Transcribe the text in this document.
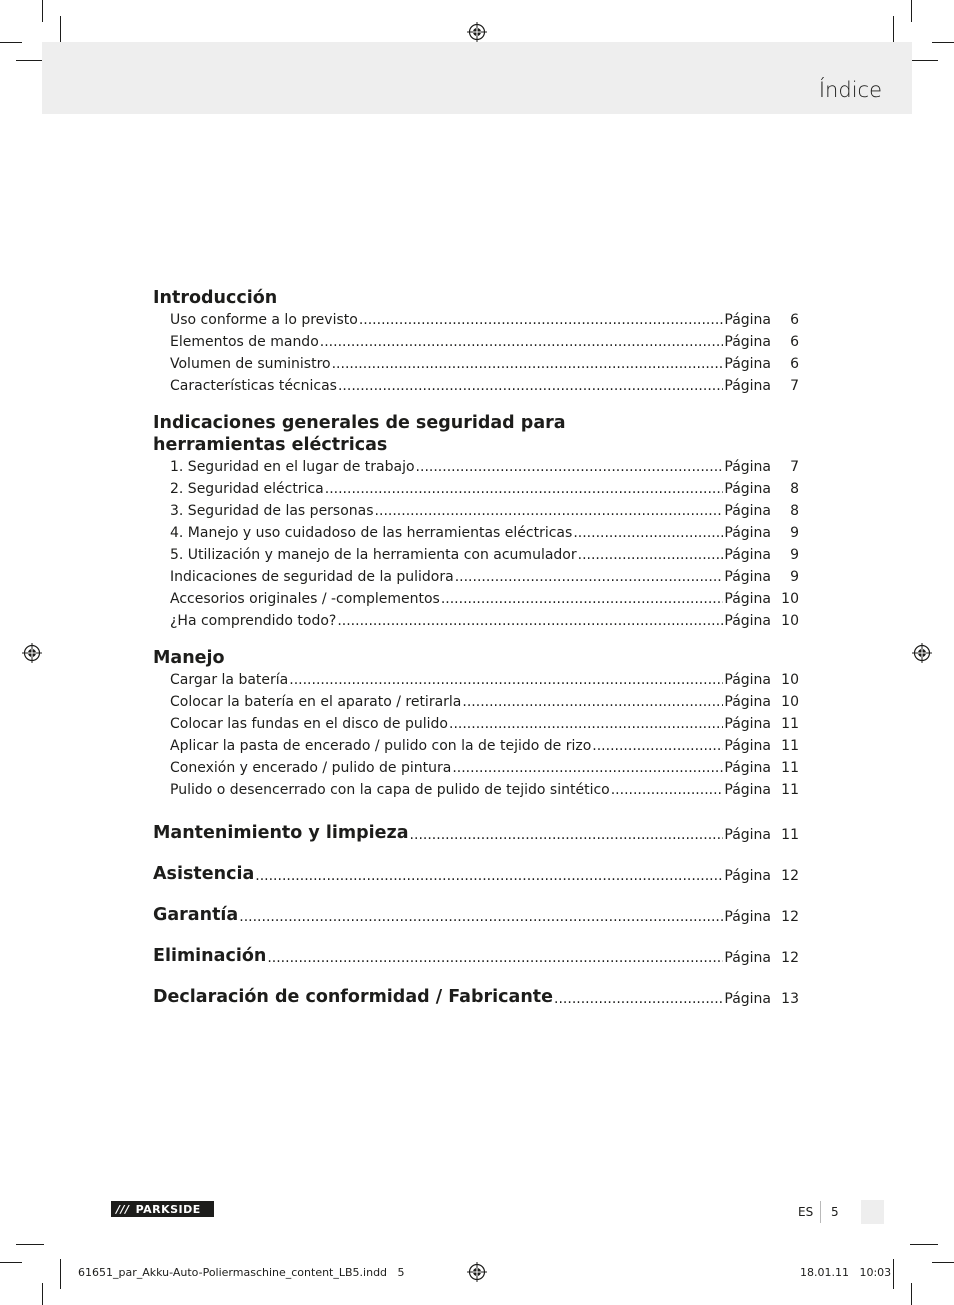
Índice
Introducción
Uso conforme a lo previsto .....	Página	6
Elementos de mando .....	Página	6
Volumen de suministro .....	Página	6
Características técnicas .....	Página	7
Indicaciones generales de seguridad para
herramientas eléctricas
1. Seguridad en el lugar de trabajo .....	Página	7
2. Seguridad eléctrica .....	Página	8
3. Seguridad de las personas .....	Página	8
4. Manejo y uso cuidadoso de las herramientas eléctricas .....	Página	9
5. Utilización y manejo de la herramienta con acumulador .....	Página	9
Indicaciones de seguridad de la pulidora .....	Página	9
Accesorios originales / -complementos .....	Página 10
¿Ha comprendido todo? .....	Página 10
Manejo
Cargar la batería .....	Página 10
Colocar la batería en el aparato / retirarla .....	Página 10
Colocar las fundas en el disco de pulido .....	Página 11
Aplicar la pasta de encerado / pulido con la de tejido de rizo .....	Página 11
Conexión y encerado / pulido de pintura .....	Página 11
Pulido o desencerrado con la capa de pulido de tejido sintético .....	Página 11
Mantenimiento y limpieza .....	Página 11
Asistencia .....	Página 12
Garantía .....	Página 12
Eliminación .....	Página 12
Declaración de conformidad / Fabricante .....	Página 13
/// PARKSIDE	ES	5
61651_par_Akku-Auto-Poliermaschine_content_LB5.indd   5	18.01.11   10:03
